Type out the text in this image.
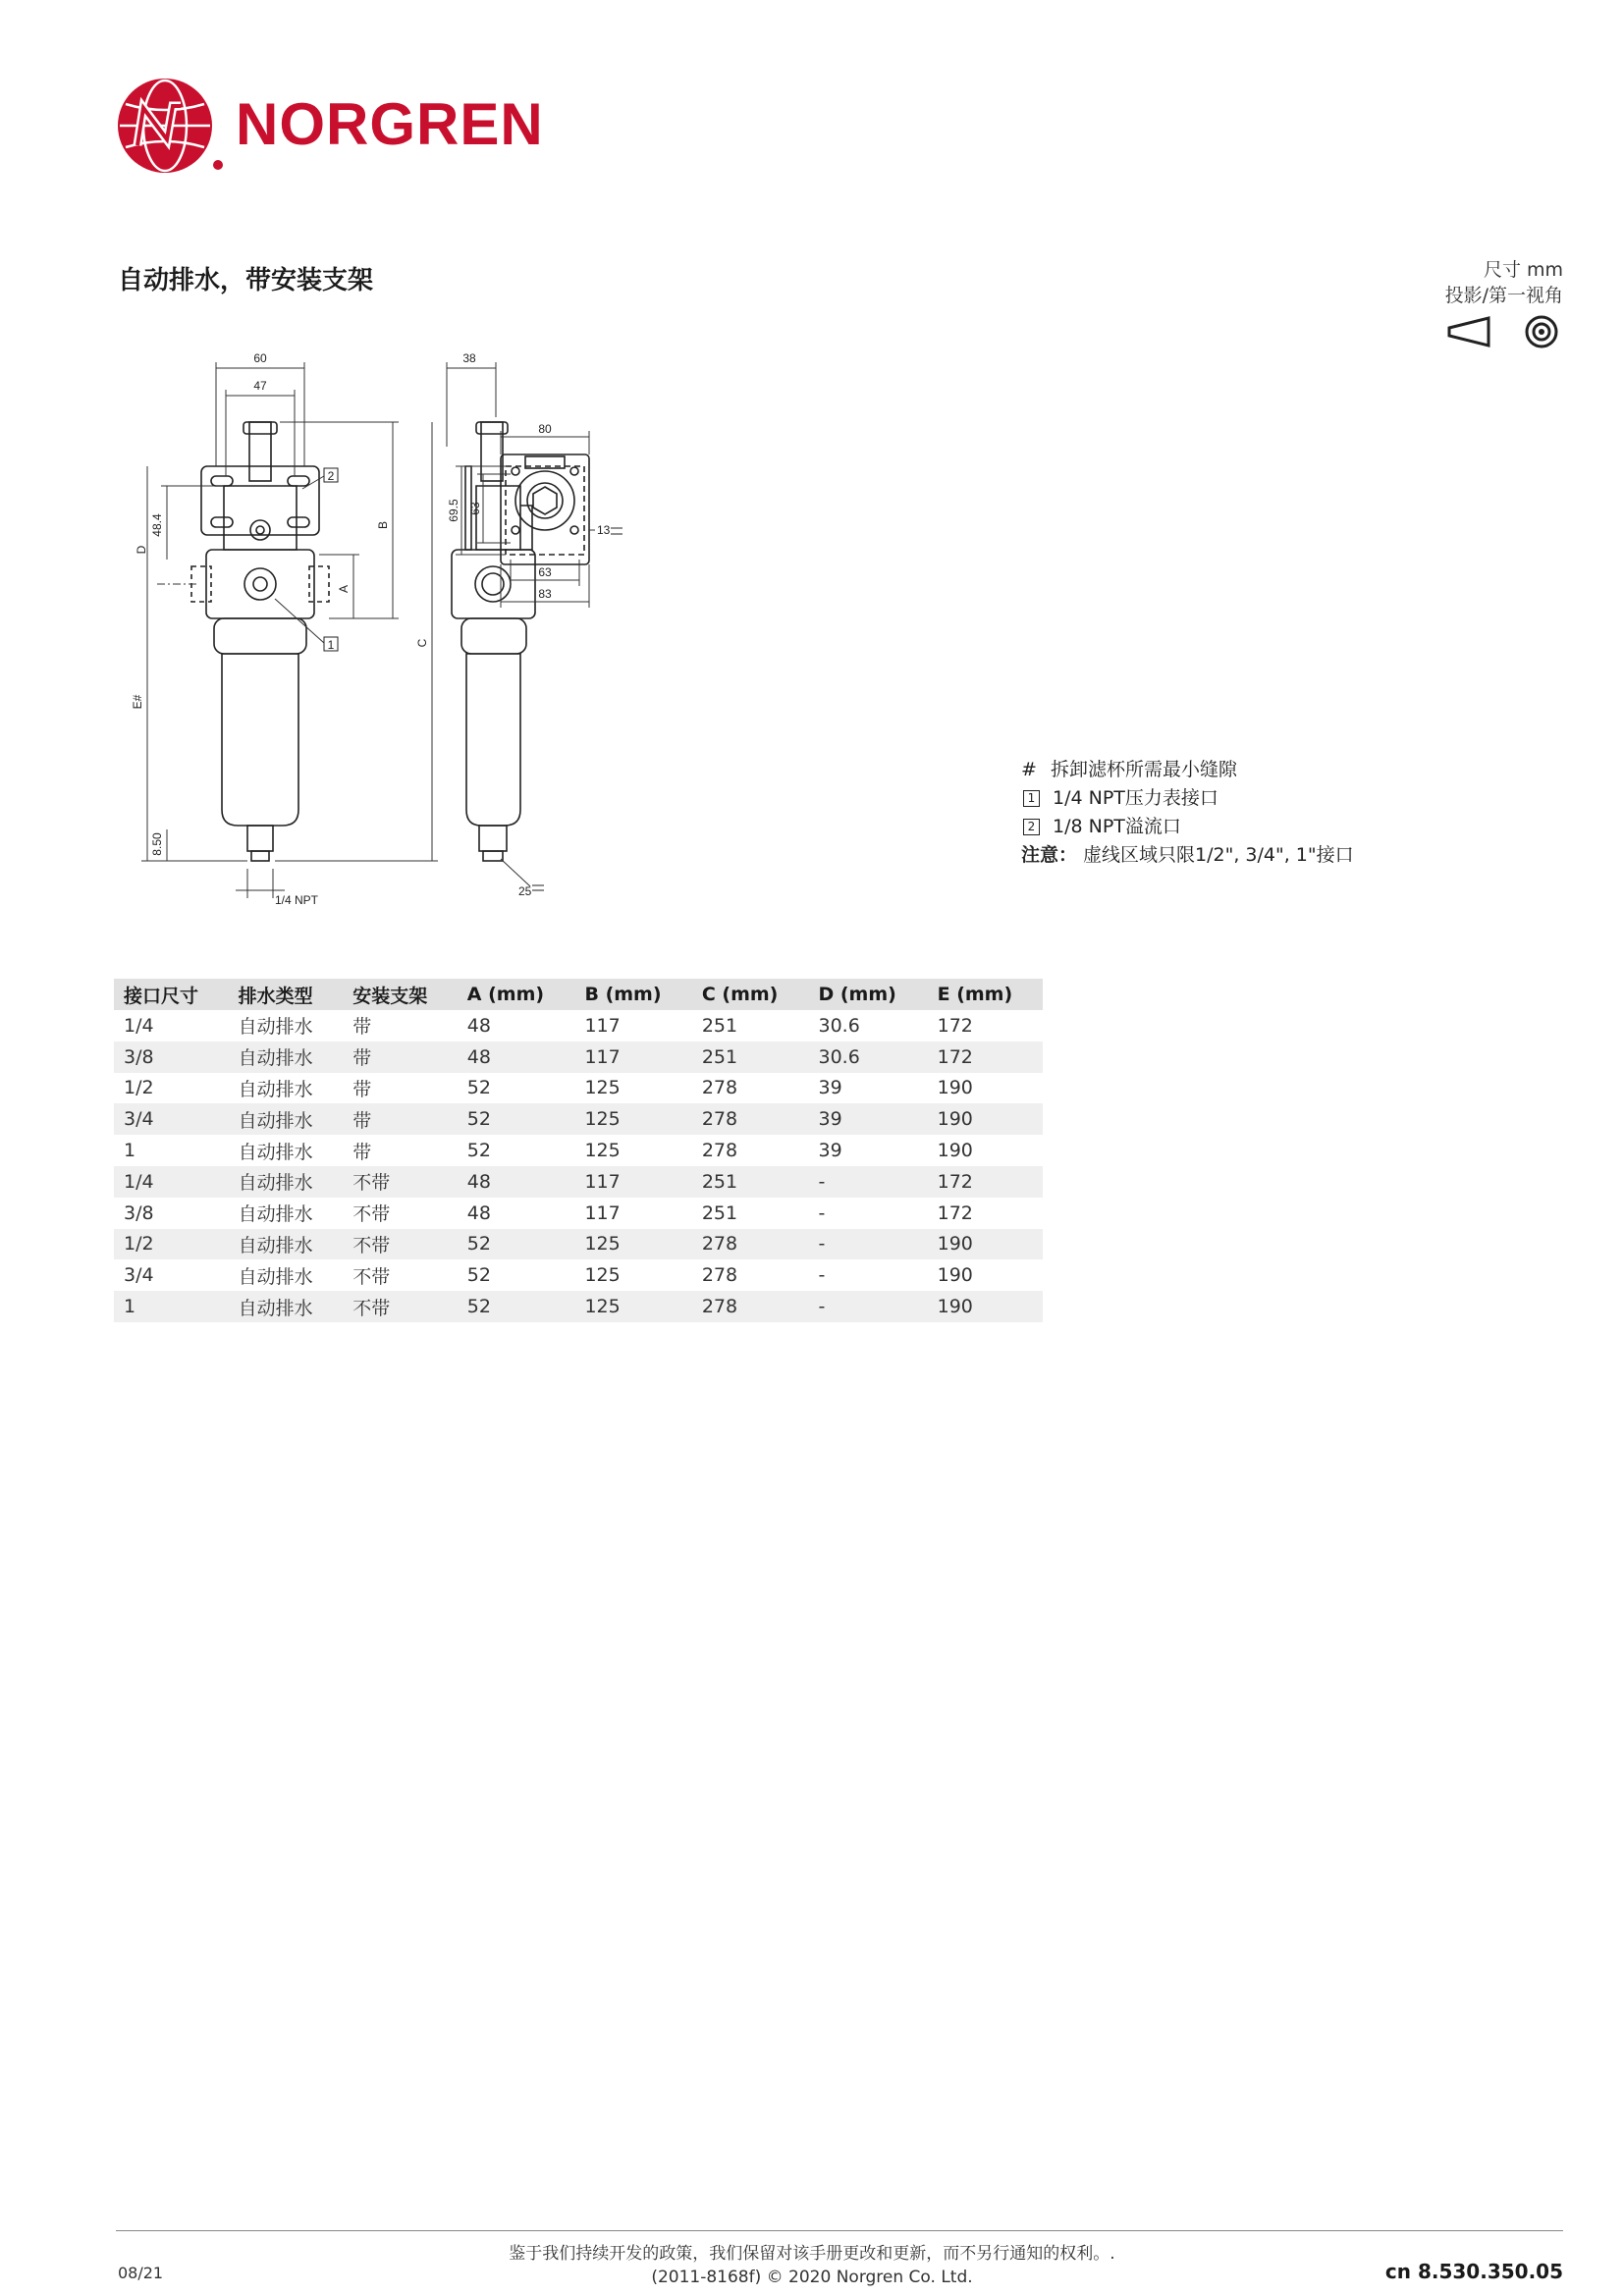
NORGREN
自动排水，带安装支架	尺寸 mm
投影/第一视角
60
47
48.4
D
E#
A
B
C
8.50
1/4 NPT
2
1
38
25
80
69.5 63
63
83
13
# 拆卸滤杯所需最小缝隙
1 1/4 NPT压力表接口
2 1/8 NPT溢流口
注意： 虚线区域只限1/2", 3/4", 1"接口
接口尺寸	排水类型	安装支架	A (mm)	B (mm)	C (mm)	D (mm)	E (mm)
1/4	自动排水	带	48	117	251	30.6	172
3/8	自动排水	带	48	117	251	30.6	172
1/2	自动排水	带	52	125	278	39	190
3/4	自动排水	带	52	125	278	39	190
1	自动排水	带	52	125	278	39	190
1/4	自动排水	不带	48	117	251	-	172
3/8	自动排水	不带	48	117	251	-	172
1/2	自动排水	不带	52	125	278	-	190
3/4	自动排水	不带	52	125	278	-	190
1	自动排水	不带	52	125	278	-	190
鉴于我们持续开发的政策，我们保留对该手册更改和更新，而不另行通知的权利。.
(2011-8168f) © 2020 Norgren Co. Ltd.
08/21	cn 8.530.350.05
